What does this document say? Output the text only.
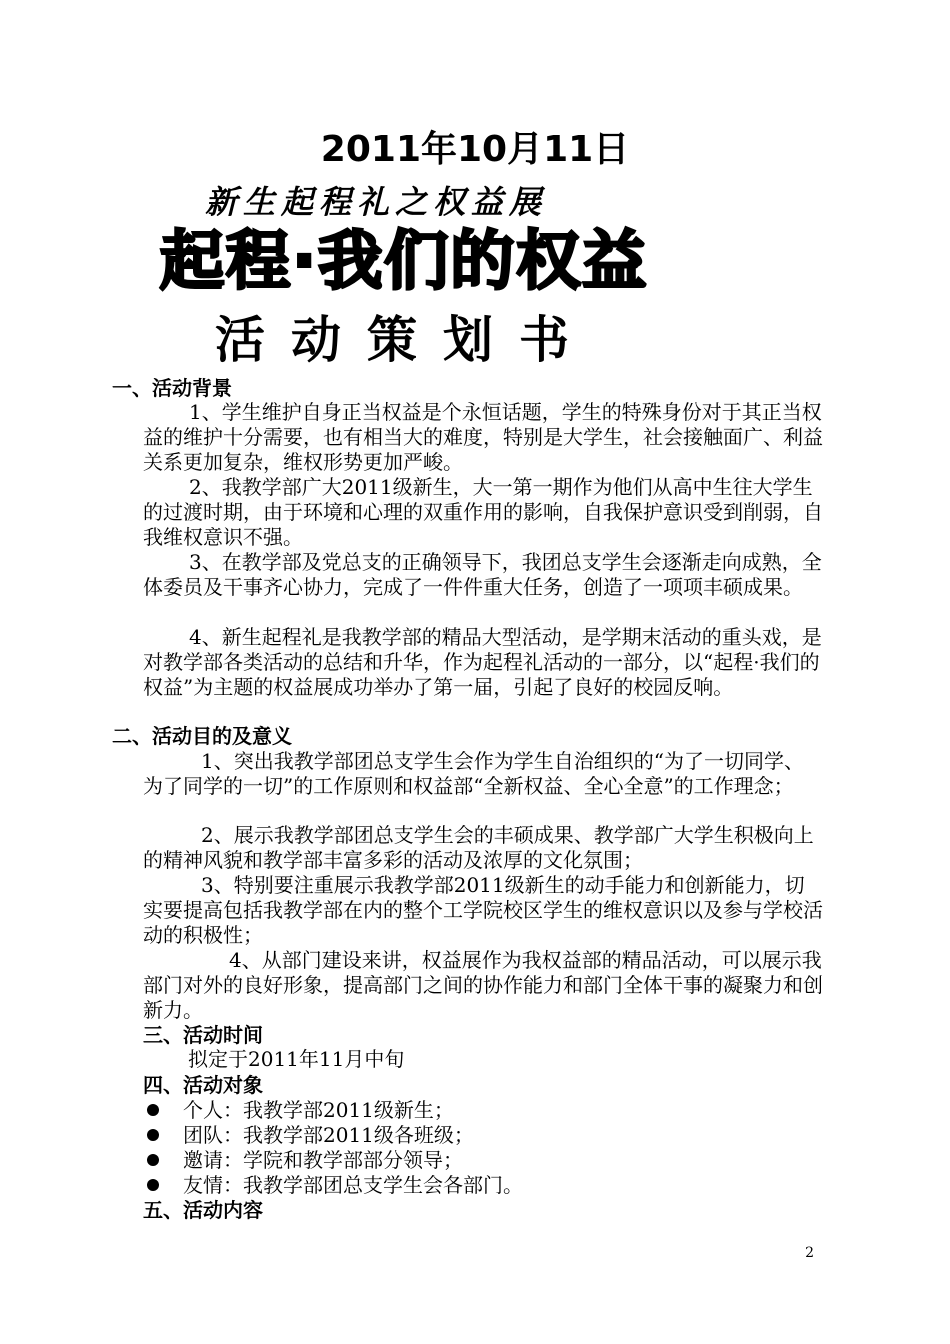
2011年10月11日
新生起程礼之权益展
起程·我们的权益
活动策划书
一、活动背景
1、学生维护自身正当权益是个永恒话题，学生的特殊身份对于其正当权益的维护十分需要，也有相当大的难度，特别是大学生，社会接触面广、利益关系更加复杂，维权形势更加严峻。
2、我教学部广大2011级新生，大一第一期作为他们从高中生往大学生的过渡时期，由于环境和心理的双重作用的影响，自我保护意识受到削弱，自我维权意识不强。
3、在教学部及党总支的正确领导下，我团总支学生会逐渐走向成熟，全体委员及干事齐心协力，完成了一件件重大任务，创造了一项项丰硕成果。
4、新生起程礼是我教学部的精品大型活动，是学期末活动的重头戏，是对教学部各类活动的总结和升华，作为起程礼活动的一部分，以“起程·我们的权益”为主题的权益展成功举办了第一届，引起了良好的校园反响。
二、活动目的及意义
1、突出我教学部团总支学生会作为学生自治组织的“为了一切同学、为了同学的一切”的工作原则和权益部“全新权益、全心全意”的工作理念；
2、展示我教学部团总支学生会的丰硕成果、教学部广大学生积极向上的精神风貌和教学部丰富多彩的活动及浓厚的文化氛围；
3、特别要注重展示我教学部2011级新生的动手能力和创新能力，切实要提高包括我教学部在内的整个工学院校区学生的维权意识以及参与学校活动的积极性；
4、从部门建设来讲，权益展作为我权益部的精品活动，可以展示我部门对外的良好形象，提高部门之间的协作能力和部门全体干事的凝聚力和创新力。
三、活动时间
拟定于2011年11月中旬
四、活动对象
个人：我教学部2011级新生；
团队：我教学部2011级各班级；
邀请：学院和教学部部分领导；
友情：我教学部团总支学生会各部门。
五、活动内容
2
